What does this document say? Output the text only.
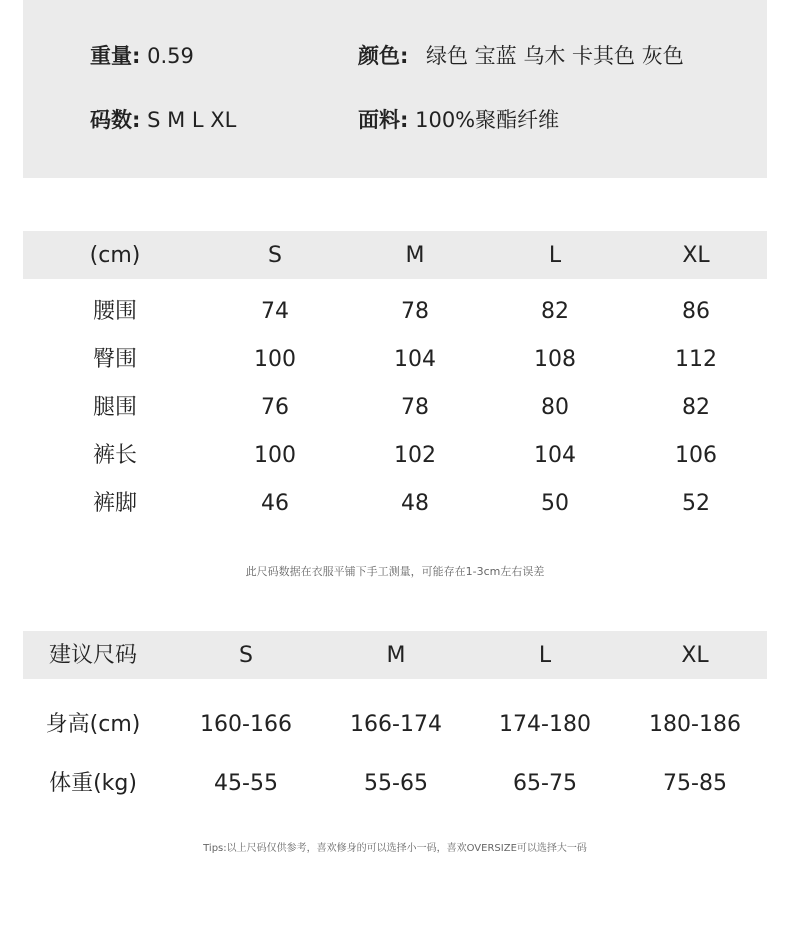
重量: 0.59	颜色: 绿色 宝蓝 乌木 卡其色 灰色
码数: S M L XL	面料: 100%聚酯纤维
(cm)	S	M	L	XL
腰围	74	78	82	86
臀围	100	104	108	112
腿围	76	78	80	82
裤长	100	102	104	106
裤脚	46	48	50	52
此尺码数据在衣服平铺下手工测量，可能存在1-3cm左右误差
建议尺码	S	M	L	XL
身高(cm)	160-166	166-174	174-180	180-186
体重(kg)	45-55	55-65	65-75	75-85
Tips:以上尺码仅供参考，喜欢修身的可以选择小一码，喜欢OVERSIZE可以选择大一码
